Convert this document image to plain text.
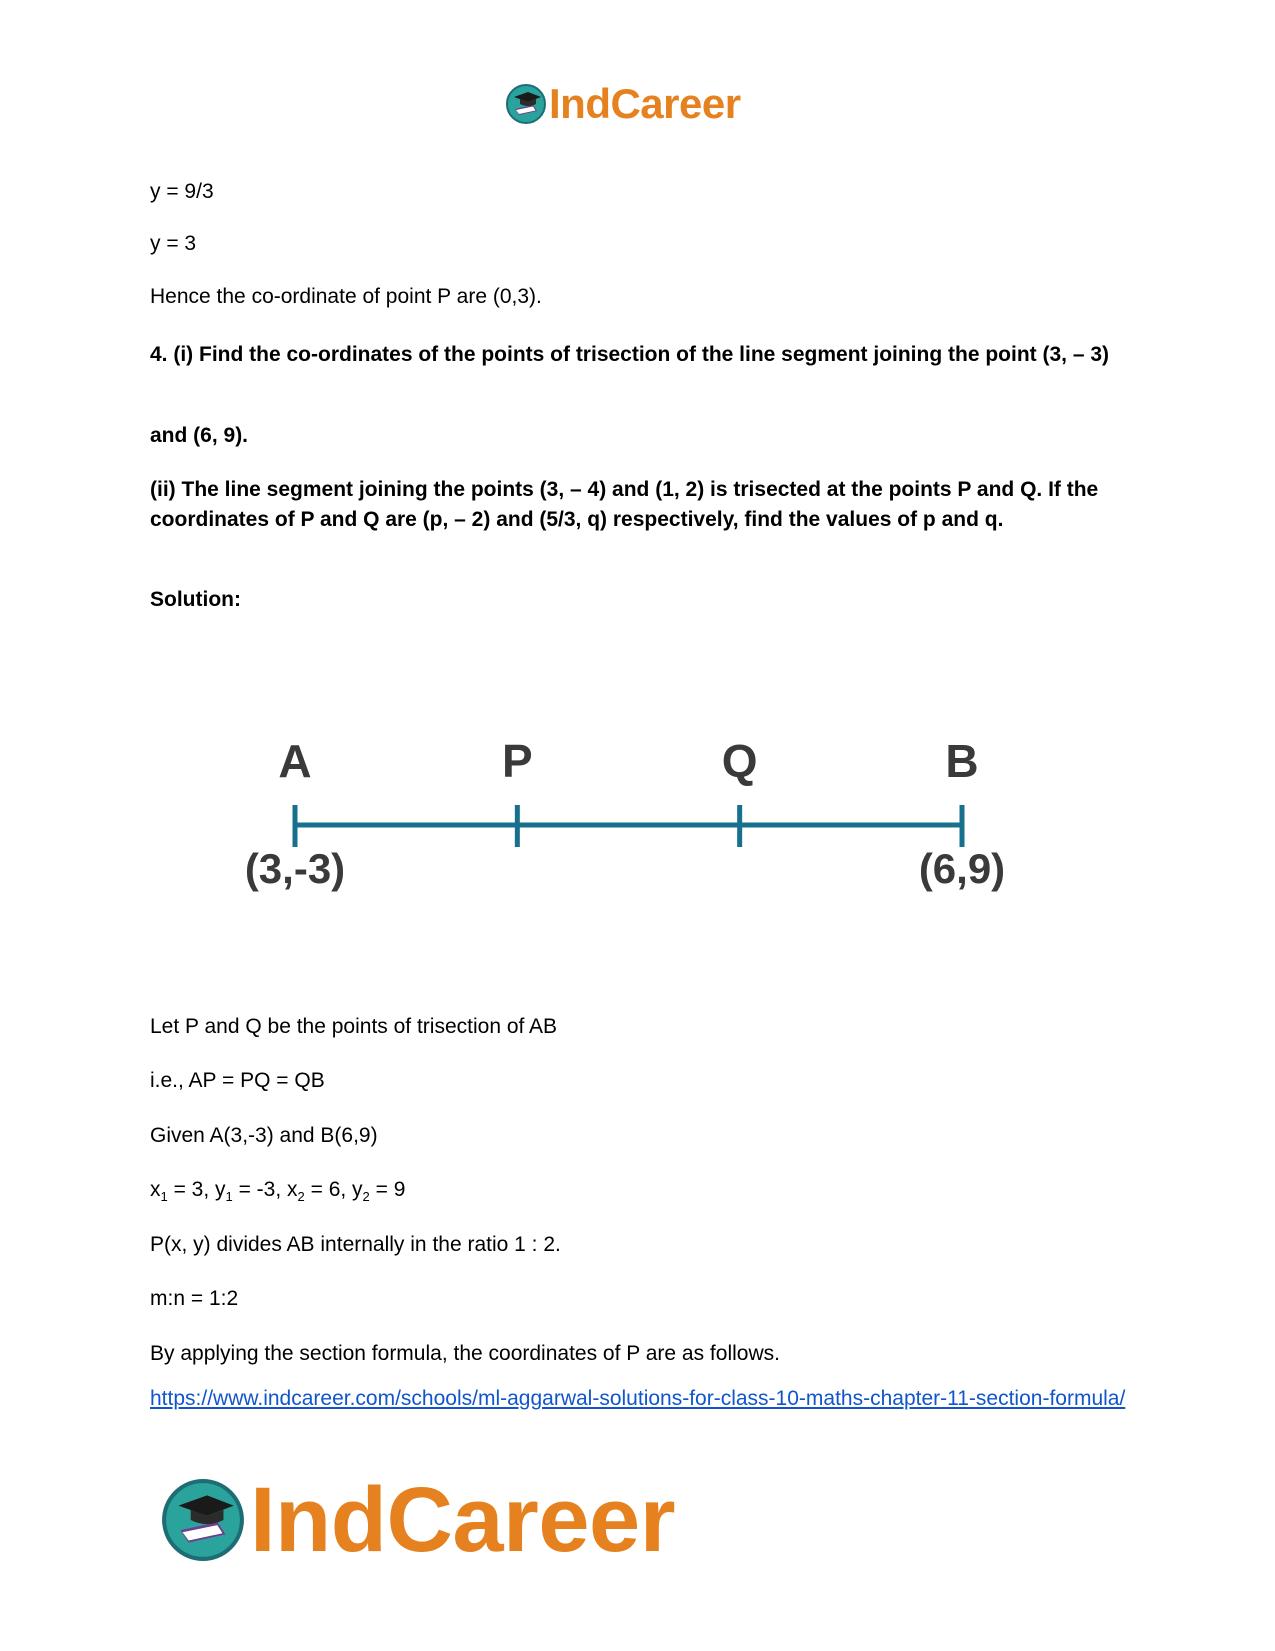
IndCareer

y = 9/3

y = 3

Hence the co-ordinate of point P are (0,3).

4. (i) Find the co-ordinates of the points of trisection of the line segment joining the point (3, – 3)

and (6, 9).

(ii) The line segment joining the points (3, – 4) and (1, 2) is trisected at the points P and Q. If the coordinates of P and Q are (p, – 2) and (5/3, q) respectively, find the values of p and q.

Solution:

A
(3,-3)
P	Q	B
(6,9)

Let P and Q be the points of trisection of AB

i.e., AP = PQ = QB

Given A(3,-3) and B(6,9)

$x_1 = 3$, $y_1 = -3$, $x_2 = 6$, $y_2 = 9$

P(x, y) divides AB internally in the ratio 1 : 2.

m:n = 1:2

By applying the section formula, the coordinates of P are as follows.

https://www.indcareer.com/schools/ml-aggarwal-solutions-for-class-10-maths-chapter-11-section-formula/

IndCareer
